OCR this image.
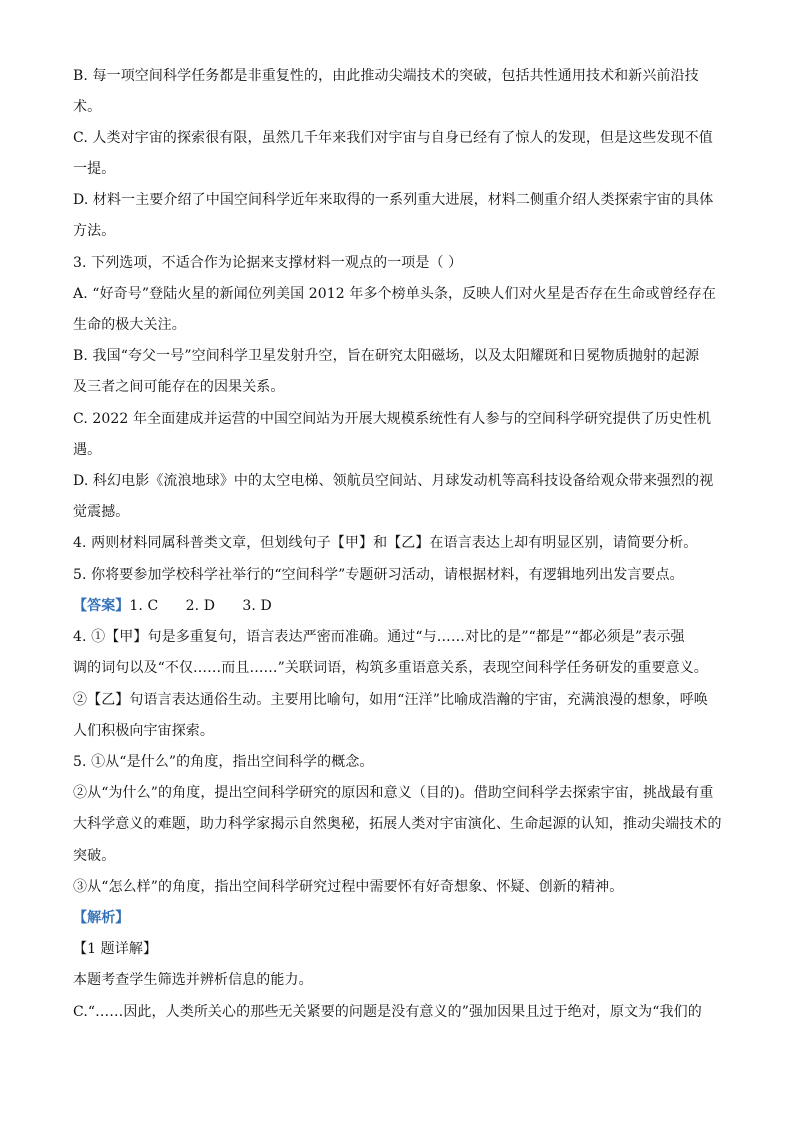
B. 每一项空间科学任务都是非重复性的，由此推动尖端技术的突破，包括共性通用技术和新兴前沿技
术。
C. 人类对宇宙的探索很有限，虽然几千年来我们对宇宙与自身已经有了惊人的发现，但是这些发现不值
一提。
D. 材料一主要介绍了中国空间科学近年来取得的一系列重大进展，材料二侧重介绍人类探索宇宙的具体
方法。
3. 下列选项，不适合作为论据来支撑材料一观点的一项是（ ）
A. “好奇号”登陆火星的新闻位列美国 2012 年多个榜单头条，反映人们对火星是否存在生命或曾经存在
生命的极大关注。
B. 我国“夸父一号”空间科学卫星发射升空，旨在研究太阳磁场，以及太阳耀斑和日冕物质抛射的起源
及三者之间可能存在的因果关系。
C. 2022 年全面建成并运营的中国空间站为开展大规模系统性有人参与的空间科学研究提供了历史性机
遇。
D. 科幻电影《流浪地球》中的太空电梯、领航员空间站、月球发动机等高科技设备给观众带来强烈的视
觉震撼。
4. 两则材料同属科普类文章，但划线句子【甲】和【乙】在语言表达上却有明显区别，请简要分析。
5. 你将要参加学校科学社举行的“空间科学”专题研习活动，请根据材料，有逻辑地列出发言要点。
【答案】1. C      2. D      3. D
4. ①【甲】句是多重复句，语言表达严密而准确。通过“与……对比的是”“都是”“都必须是”表示强
调的词句以及“不仅……而且……”关联词语，构筑多重语意关系，表现空间科学任务研发的重要意义。
②【乙】句语言表达通俗生动。主要用比喻句，如用“汪洋”比喻成浩瀚的宇宙，充满浪漫的想象，呼唤
人们积极向宇宙探索。
5. ①从“是什么”的角度，指出空间科学的概念。
②从“为什么”的角度，提出空间科学研究的原因和意义（目的)。借助空间科学去探索宇宙，挑战最有重
大科学意义的难题，助力科学家揭示自然奥秘，拓展人类对宇宙演化、生命起源的认知，推动尖端技术的
突破。
③从“怎么样”的角度，指出空间科学研究过程中需要怀有好奇想象、怀疑、创新的精神。
【解析】
【1 题详解】
本题考查学生筛选并辨析信息的能力。
C.“……因此，人类所关心的那些无关紧要的问题是没有意义的”强加因果且过于绝对，原文为“我们的
